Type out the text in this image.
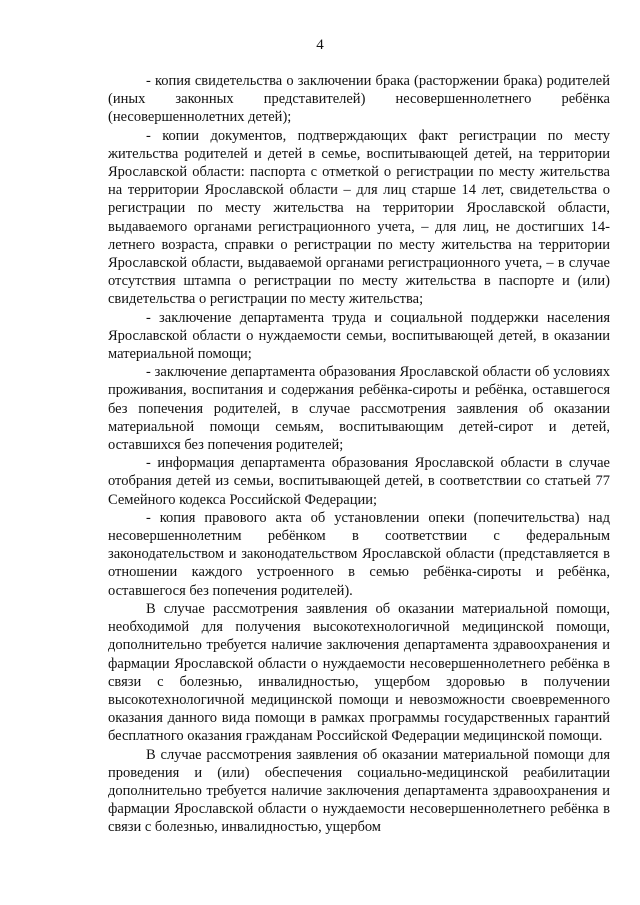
4

- копия свидетельства о заключении брака (расторжении брака) родителей (иных законных представителей) несовершеннолетнего ребёнка (несовершеннолетних детей);

- копии документов, подтверждающих факт регистрации по месту жительства родителей и детей в семье, воспитывающей детей, на территории Ярославской области: паспорта с отметкой о регистрации по месту жительства на территории Ярославской области – для лиц старше 14 лет, свидетельства о регистрации по месту жительства на территории Ярославской области, выдаваемого органами регистрационного учета, – для лиц, не достигших 14-летнего возраста, справки о регистрации по месту жительства на территории Ярославской области, выдаваемой органами регистрационного учета, – в случае отсутствия штампа о регистрации по месту жительства в паспорте и (или) свидетельства о регистрации по месту жительства;

- заключение департамента труда и социальной поддержки населения Ярославской области о нуждаемости семьи, воспитывающей детей, в оказании материальной помощи;

- заключение департамента образования Ярославской области об условиях проживания, воспитания и содержания ребёнка-сироты и ребёнка, оставшегося без попечения родителей, в случае рассмотрения заявления об оказании материальной помощи семьям, воспитывающим детей-сирот и детей, оставшихся без попечения родителей;

- информация департамента образования Ярославской области в случае отобрания детей из семьи, воспитывающей детей, в соответствии со статьей 77 Семейного кодекса Российской Федерации;

- копия правового акта об установлении опеки (попечительства) над несовершеннолетним ребёнком в соответствии с федеральным законодательством и законодательством Ярославской области (представляется в отношении каждого устроенного в семью ребёнка-сироты и ребёнка, оставшегося без попечения родителей).

В случае рассмотрения заявления об оказании материальной помощи, необходимой для получения высокотехнологичной медицинской помощи, дополнительно требуется наличие заключения департамента здравоохранения и фармации Ярославской области о нуждаемости несовершеннолетнего ребёнка в связи с болезнью, инвалидностью, ущербом здоровью в получении высокотехнологичной медицинской помощи и невозможности своевременного оказания данного вида помощи в рамках программы государственных гарантий бесплатного оказания гражданам Российской Федерации медицинской помощи.

В случае рассмотрения заявления об оказании материальной помощи для проведения и (или) обеспечения социально-медицинской реабилитации дополнительно требуется наличие заключения департамента здравоохранения и фармации Ярославской области о нуждаемости несовершеннолетнего ребёнка в связи с болезнью, инвалидностью, ущербом
